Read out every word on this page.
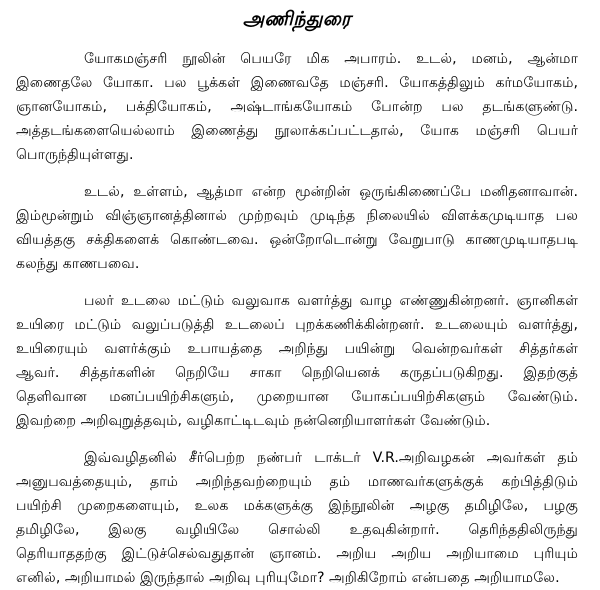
அணிந்துரை
யோகமஞ்சரி நூலின் பெயரே மிக அபாரம். உடல், மனம், ஆன்மா
இணைதலே யோகா. பல பூக்கள் இணைவதே மஞ்சரி. யோகத்திலும் கர்மயோகம்,
ஞானயோகம், பக்தியோகம், அஷ்டாங்கயோகம் போன்ற பல தடங்களுண்டு.
அத்தடங்களையெல்லாம் இணைத்து நூலாக்கப்பட்டதால், யோக மஞ்சரி பெயர்
பொருந்தியுள்ளது.
உடல், உள்ளம், ஆத்மா என்ற மூன்றின் ஒருங்கிணைப்பே மனிதனாவான்.
இம்மூன்றும் விஞ்ஞானத்தினால் முற்றவும் முடிந்த நிலையில் விளக்கமுடியாத பல
வியத்தகு சக்திகளைக் கொண்டவை. ஒன்றோடொன்று வேறுபாடு காணமுடியாதபடி
கலந்து காணபவை.
பலர் உடலை மட்டும் வலுவாக வளர்த்து வாழ எண்ணுகின்றனர். ஞானிகள்
உயிரை மட்டும் வலுப்படுத்தி உடலைப் புறக்கணிக்கின்றனர். உடலையும் வளர்த்து,
உயிரையும் வளர்க்கும் உபாயத்தை அறிந்து பயின்று வென்றவர்கள் சித்தர்கள்
ஆவர். சித்தர்களின் நெறியே சாகா நெறியெனக் கருதப்படுகிறது. இதற்குத்
தெளிவான மனப்பயிற்சிகளும், முறையான யோகப்பயிற்சிகளும் வேண்டும்.
இவற்றை அறிவுறுத்தவும், வழிகாட்டிடவும் நன்னெறியாளர்கள் வேண்டும்.
இவ்வழிதனில் சீர்பெற்ற நண்பர் டாக்டர் V.R.அறிவழகன் அவர்கள் தம்
அனுபவத்தையும், தாம் அறிந்தவற்றையும் தம் மாணவர்களுக்குக் கற்பித்திடும்
பயிற்சி முறைகளையும், உலக மக்களுக்கு இந்நூலின் அழகு தமிழிலே, பழகு
தமிழிலே, இலகு வழியிலே சொல்லி உதவுகின்றார். தெரிந்ததிலிருந்து
தெரியாததற்கு இட்டுச்செல்வதுதான் ஞானம். அறிய அறிய அறியாமை புரியும்
எனில், அறியாமல் இருந்தால் அறிவு புரியுமோ? அறிகிறோம் என்பதை அறியாமலே.
